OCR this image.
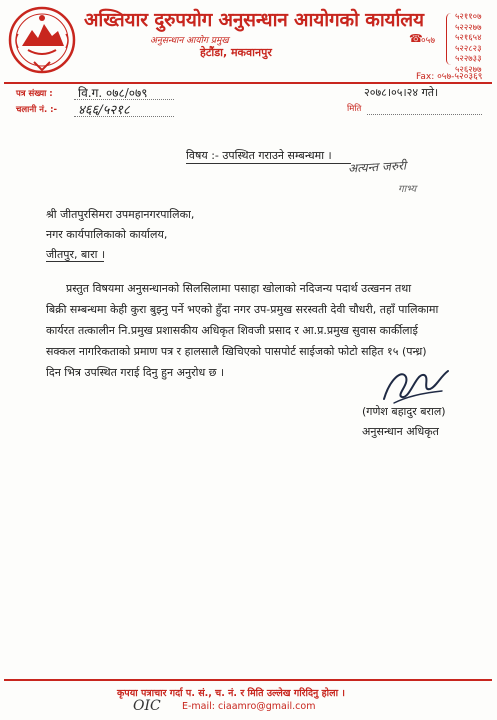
अख्तियार दुरुपयोग अनुसन्धान आयोगको कार्यालय
अनुसन्धान आयोग प्रमुख
हेटौंडा, मकवानपुर
☎
०५७
५२११०७
५२२२७७
५२१६५४
५२२८२३
५२२७३३
५२६२७७
Fax: ०५७-५२०३६९
पत्र संख्या : वि.ग. ०७८/०७९
चलानी नं. :- ४६६/५२१८
२०७८।०५।२४ गते।
मिति
विषय :- उपस्थित गराउने सम्बन्धमा ।
अत्यन्त जरुरी
गाभ्य
श्री जीतपुरसिमरा उपमहानगरपालिका,
नगर कार्यपालिकाको कार्यालय,
जीतपुर, बारा ।
प्रस्तुत विषयमा अनुसन्धानको सिलसिलामा पसाहा खोलाको नदिजन्य पदार्थ उत्खनन तथा
बिक्री सम्बन्धमा केही कुरा बुझ्नु पर्ने भएको हुँदा नगर उप-प्रमुख सरस्वती देवी चौधरी, तहाँ पालिकामा
कार्यरत तत्कालीन नि.प्रमुख प्रशासकीय अधिकृत शिवजी प्रसाद र आ.प्र.प्रमुख सुवास कार्कीलाई
सक्कल नागरिकताको प्रमाण पत्र र हालसालै खिचिएको पासपोर्ट साईजको फोटो सहित १५ (पन्ध्र)
दिन भित्र उपस्थित गराई दिनु हुन अनुरोध छ ।
(गणेश बहादुर बराल)
अनुसन्धान अधिकृत
कृपया पत्राचार गर्दा प. सं., च. नं. र मिति उल्लेख गरिदिनु होला ।
OIC E-mail: ciaamro@gmail.com
